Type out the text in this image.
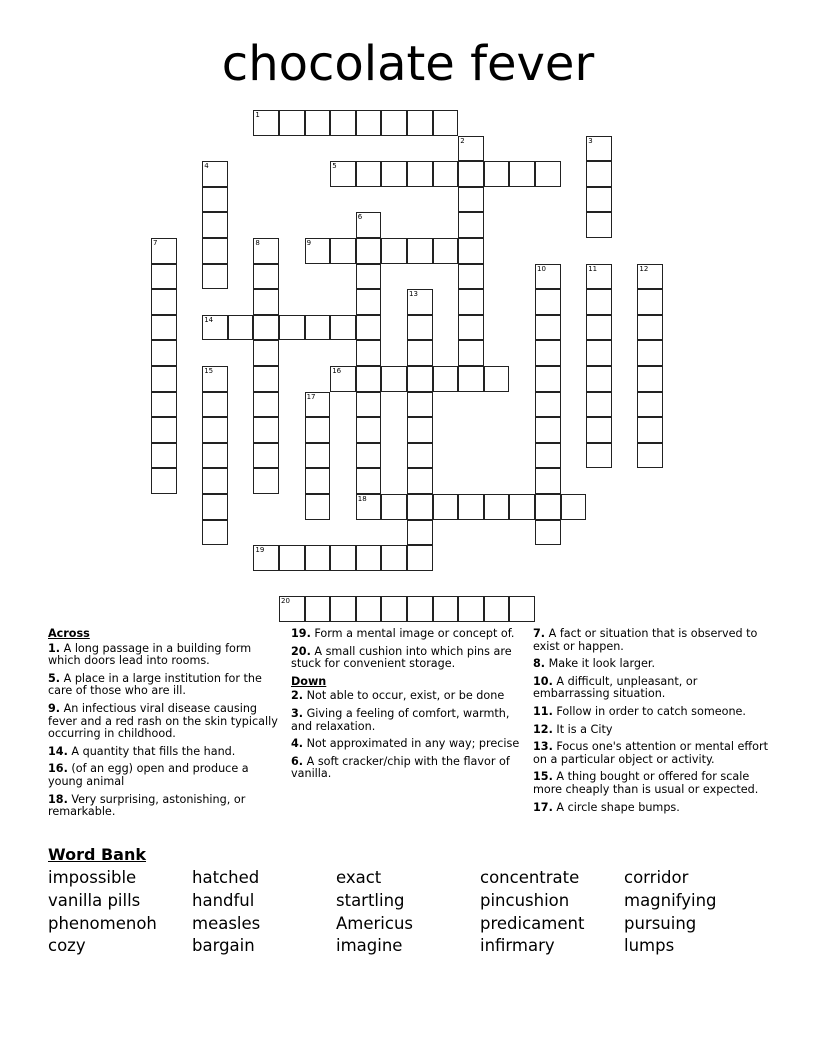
chocolate fever
1
2	3
4	5
6
18
7	8	9
10	11	12
13
14
15	16
17
19
20
Across
1. A long passage in a building form which doors lead into rooms.
5. A place in a large institution for the care of those who are ill.
9. An infectious viral disease causing fever and a red rash on the skin typically occurring in childhood.
14. A quantity that fills the hand.
16. (of an egg) open and produce a young animal
18. Very surprising, astonishing, or remarkable.
19. Form a mental image or concept of.
20. A small cushion into which pins are stuck for convenient storage.
Down
2. Not able to occur, exist, or be done
3. Giving a feeling of comfort, warmth, and relaxation.
4. Not approximated in any way; precise
6. A soft cracker/chip with the flavor of vanilla.
7. A fact or situation that is observed to exist or happen.
8. Make it look larger.
10. A difficult, unpleasant, or embarrassing situation.
11. Follow in order to catch someone.
12. It is a City
13. Focus one's attention or mental effort on a particular object or activity.
15. A thing bought or offered for scale more cheaply than is usual or expected.
17. A circle shape bumps.
Word Bank
impossible
vanilla pills
phenomenoh
cozy
hatched
handful
measles
bargain
exact
startling
Americus
imagine
concentrate
pincushion
predicament
infirmary
corridor
magnifying
pursuing
lumps
